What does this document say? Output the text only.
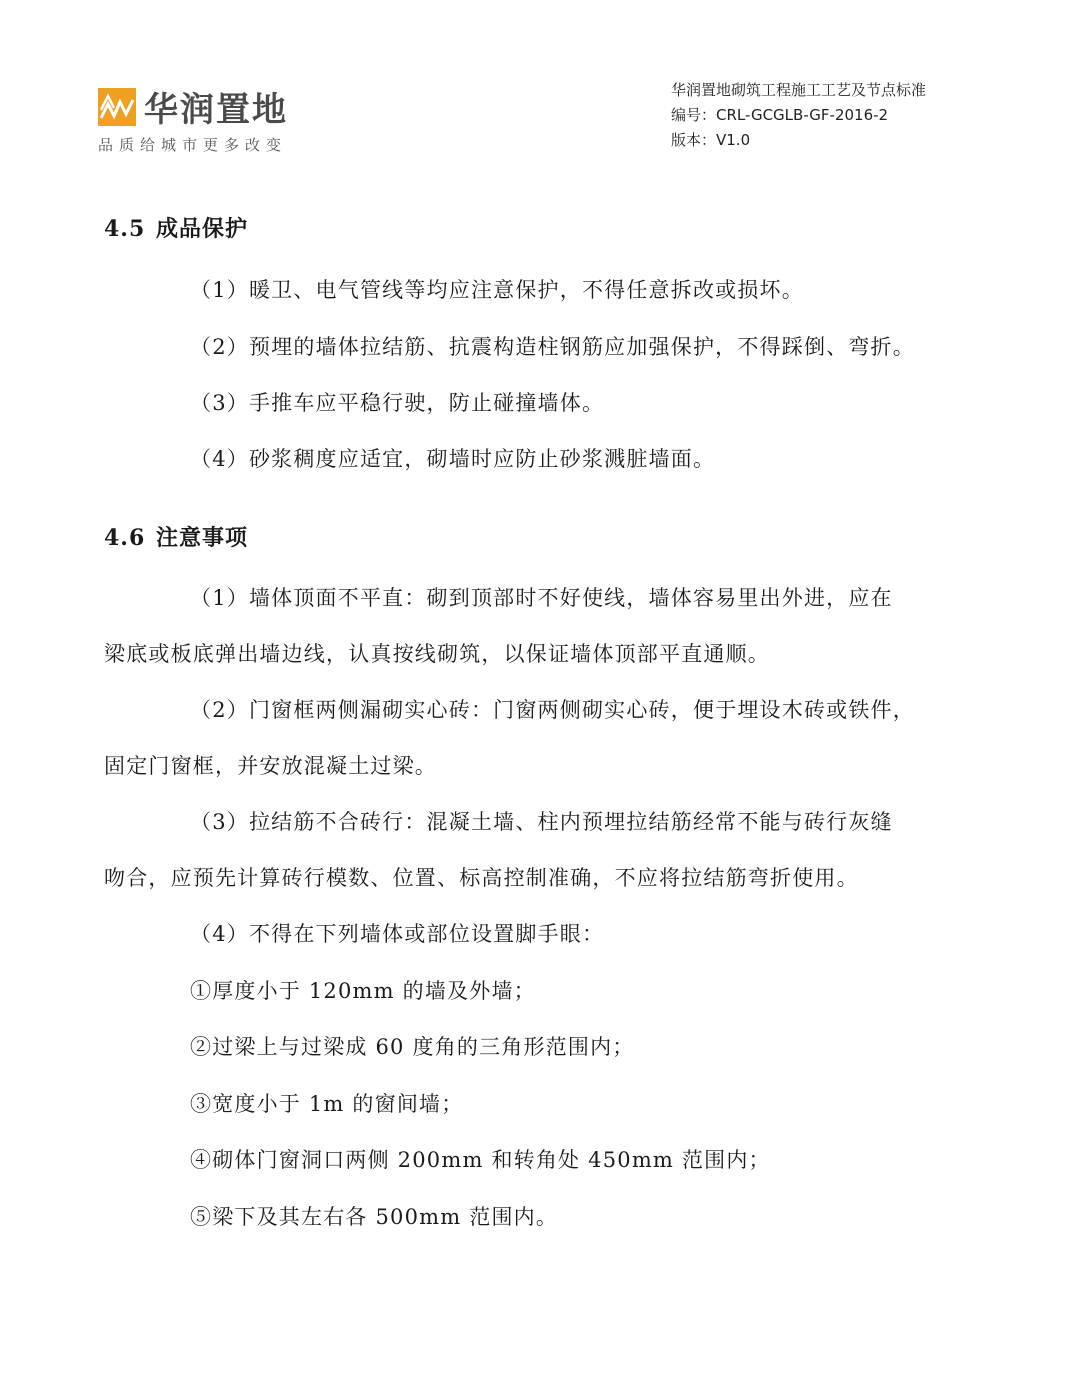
华润置地
品质给城市更多改变
华润置地砌筑工程施工工艺及节点标准
编号：CRL-GCGLB-GF-2016-2
版本：V1.0
4.5 成品保护
（1）暖卫、电气管线等均应注意保护，不得任意拆改或损坏。
（2）预埋的墙体拉结筋、抗震构造柱钢筋应加强保护，不得踩倒、弯折。
（3）手推车应平稳行驶，防止碰撞墙体。
（4）砂浆稠度应适宜，砌墙时应防止砂浆溅脏墙面。
4.6 注意事项
（1）墙体顶面不平直：砌到顶部时不好使线，墙体容易里出外进，应在
梁底或板底弹出墙边线，认真按线砌筑，以保证墙体顶部平直通顺。
（2）门窗框两侧漏砌实心砖：门窗两侧砌实心砖，便于埋设木砖或铁件，
固定门窗框，并安放混凝土过梁。
（3）拉结筋不合砖行：混凝土墙、柱内预埋拉结筋经常不能与砖行灰缝
吻合，应预先计算砖行模数、位置、标高控制准确，不应将拉结筋弯折使用。
（4）不得在下列墙体或部位设置脚手眼：
①厚度小于 120mm 的墙及外墙；
②过梁上与过梁成 60 度角的三角形范围内；
③宽度小于 1m 的窗间墙；
④砌体门窗洞口两侧 200mm 和转角处 450mm 范围内；
⑤梁下及其左右各 500mm 范围内。
